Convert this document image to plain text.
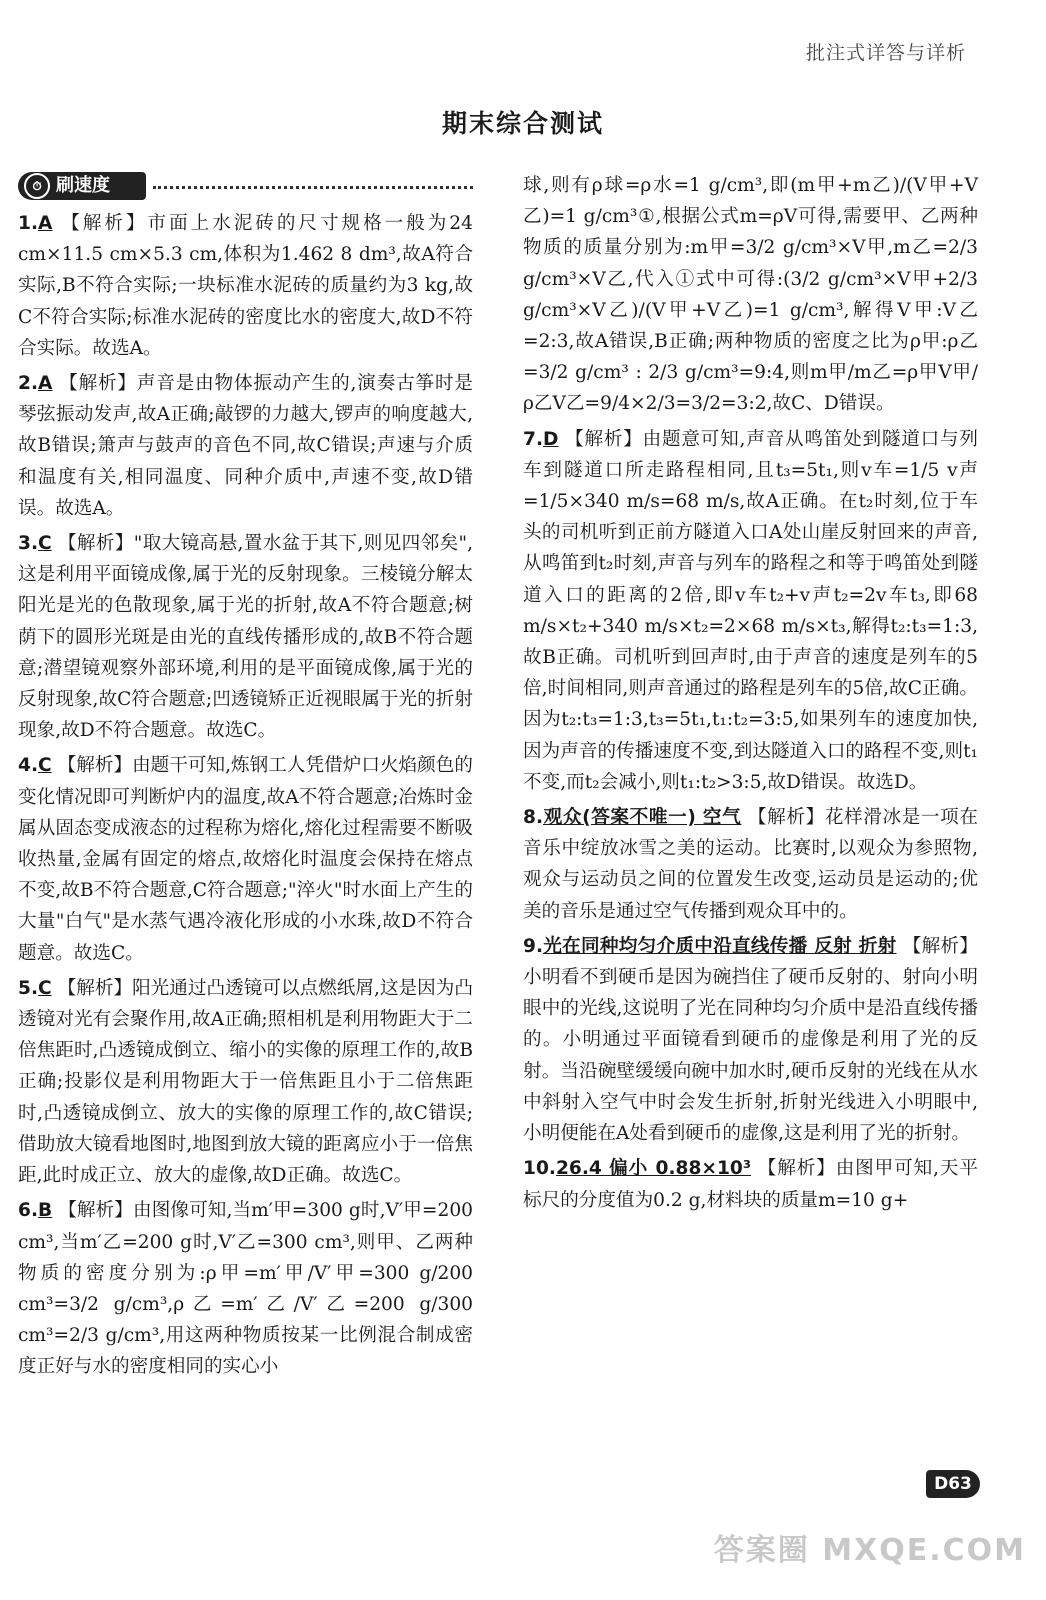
批注式详答与详析
期末综合测试
⏱ 刷速度

1.A 【解析】市面上水泥砖的尺寸规格一般为24 cm×11.5 cm×5.3 cm,体积为1.462 8 dm³,故A符合实际,B不符合实际;一块标准水泥砖的质量约为3 kg,故C不符合实际;标准水泥砖的密度比水的密度大,故D不符合实际。故选A。

2.A 【解析】声音是由物体振动产生的,演奏古筝时是琴弦振动发声,故A正确;敲锣的力越大,锣声的响度越大,故B错误;箫声与鼓声的音色不同,故C错误;声速与介质和温度有关,相同温度、同种介质中,声速不变,故D错误。故选A。

3.C 【解析】"取大镜高悬,置水盆于其下,则见四邻矣",这是利用平面镜成像,属于光的反射现象。三棱镜分解太阳光是光的色散现象,属于光的折射,故A不符合题意;树荫下的圆形光斑是由光的直线传播形成的,故B不符合题意;潜望镜观察外部环境,利用的是平面镜成像,属于光的反射现象,故C符合题意;凹透镜矫正近视眼属于光的折射现象,故D不符合题意。故选C。

4.C 【解析】由题干可知,炼钢工人凭借炉口火焰颜色的变化情况即可判断炉内的温度,故A不符合题意;冶炼时金属从固态变成液态的过程称为熔化,熔化过程需要不断吸收热量,金属有固定的熔点,故熔化时温度会保持在熔点不变,故B不符合题意,C符合题意;"淬火"时水面上产生的大量"白气"是水蒸气遇冷液化形成的小水珠,故D不符合题意。故选C。

5.C 【解析】阳光通过凸透镜可以点燃纸屑,这是因为凸透镜对光有会聚作用,故A正确;照相机是利用物距大于二倍焦距时,凸透镜成倒立、缩小的实像的原理工作的,故B正确;投影仪是利用物距大于一倍焦距且小于二倍焦距时,凸透镜成倒立、放大的实像的原理工作的,故C错误;借助放大镜看地图时,地图到放大镜的距离应小于一倍焦距,此时成正立、放大的虚像,故D正确。故选C。

6.B 【解析】由图像可知,当m′甲=300 g时,V′甲=200 cm³,当m′乙=200 g时,V′乙=300 cm³,则甲、乙两种物质的密度分别为:ρ甲=m′甲/V′甲=300 g/200 cm³=3/2 g/cm³,ρ乙=m′乙/V′乙=200 g/300 cm³=2/3 g/cm³,用这两种物质按某一比例混合制成密度正好与水的密度相同的实心小

球,则有ρ球=ρ水=1 g/cm³,即(m甲+m乙)/(V甲+V乙)=1 g/cm³①,根据公式m=ρV可得,需要甲、乙两种物质的质量分别为:m甲=3/2 g/cm³×V甲,m乙=2/3 g/cm³×V乙,代入①式中可得:(3/2 g/cm³×V甲+2/3 g/cm³×V乙)/(V甲+V乙)=1 g/cm³,解得V甲:V乙=2:3,故A错误,B正确;两种物质的密度之比为ρ甲:ρ乙=3/2 g/cm³ : 2/3 g/cm³=9:4,则m甲/m乙=ρ甲V甲/ρ乙V乙=9/4×2/3=3/2=3:2,故C、D错误。

7.D 【解析】由题意可知,声音从鸣笛处到隧道口与列车到隧道口所走路程相同,且t₃=5t₁,则v车=1/5 v声=1/5×340 m/s=68 m/s,故A正确。在t₂时刻,位于车头的司机听到正前方隧道入口A处山崖反射回来的声音,从鸣笛到t₂时刻,声音与列车的路程之和等于鸣笛处到隧道入口的距离的2倍,即v车t₂+v声t₂=2v车t₃,即68 m/s×t₂+340 m/s×t₂=2×68 m/s×t₃,解得t₂:t₃=1:3,故B正确。司机听到回声时,由于声音的速度是列车的5倍,时间相同,则声音通过的路程是列车的5倍,故C正确。因为t₂:t₃=1:3,t₃=5t₁,t₁:t₂=3:5,如果列车的速度加快,因为声音的传播速度不变,到达隧道入口的路程不变,则t₁不变,而t₂会减小,则t₁:t₂>3:5,故D错误。故选D。

8.观众(答案不唯一) 空气 【解析】花样滑冰是一项在音乐中绽放冰雪之美的运动。比赛时,以观众为参照物,观众与运动员之间的位置发生改变,运动员是运动的;优美的音乐是通过空气传播到观众耳中的。

9.光在同种均匀介质中沿直线传播 反射 折射 【解析】小明看不到硬币是因为碗挡住了硬币反射的、射向小明眼中的光线,这说明了光在同种均匀介质中是沿直线传播的。小明通过平面镜看到硬币的虚像是利用了光的反射。当沿碗壁缓缓向碗中加水时,硬币反射的光线在从水中斜射入空气中时会发生折射,折射光线进入小明眼中,小明便能在A处看到硬币的虚像,这是利用了光的折射。

10.26.4 偏小 0.88×10³ 【解析】由图甲可知,天平标尺的分度值为0.2 g,材料块的质量m=10 g+

D63
答案圈 MXQE.COM
